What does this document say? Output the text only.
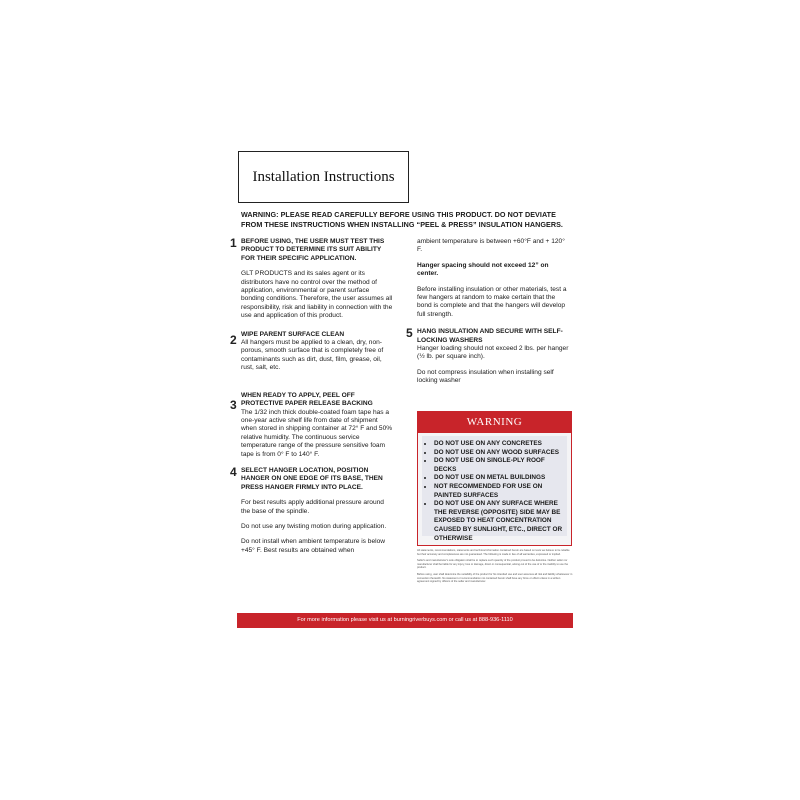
Installation Instructions
WARNING: PLEASE READ CAREFULLY BEFORE USING THIS PRODUCT. DO NOT DEVIATE FROM THESE INSTRUCTIONS WHEN INSTALLING “PEEL & PRESS” INSULATION HANGERS.
1 BEFORE USING, THE USER MUST TEST THIS PRODUCT TO DETERMINE ITS SUIT ABILITY FOR THEIR SPECIFIC APPLICATION.

GLT PRODUCTS and its sales agent or its distributors have no control over the method of application, environmental or parent surface bonding conditions. Therefore, the user assumes all responsibility, risk and liability in connection with the use and application of this product.

2 WIPE PARENT SURFACE CLEAN

All hangers must be applied to a clean, dry, non-porous, smooth surface that is completely free of contaminants such as dirt, dust, film, grease, oil, rust, salt, etc.

3

WHEN READY TO APPLY, PEEL OFF PROTECTIVE PAPER RELEASE BACKING

The 1/32 inch thick double-coated foam tape has a one-year active shelf life from date of shipment when stored in shipping container at 72° F and 50% relative humidity. The continuous service temperature range of the pressure sensitive foam tape is from 0° F to 140° F.

4 SELECT HANGER LOCATION, POSITION HANGER ON ONE EDGE OF ITS BASE, THEN PRESS HANGER FIRMLY INTO PLACE.

For best results apply additional pressure around the base of the spindle.

Do not use any twisting motion during application.

Do not install when ambient temperature is below +45° F. Best results are obtained when

ambient temperature is between +60°F and + 120° F.

Hanger spacing should not exceed 12” on center.

Before installing insulation or other materials, test a few hangers at random to make certain that the bond is complete and that the hangers will develop full strength.

5 HANG INSULATION AND SECURE WITH SELF-LOCKING WASHERS

Hanger loading should not exceed 2 lbs. per hanger (½ lb. per square inch).

Do not compress insulation when installing self locking washer

WARNING
• DO NOT USE ON ANY CONCRETES
• DO NOT USE ON ANY WOOD SURFACES
• DO NOT USE ON SINGLE-PLY ROOF DECKS
• DO NOT USE ON METAL BUILDINGS
• NOT RECOMMENDED FOR USE ON PAINTED SURFACES
• DO NOT USE ON ANY SURFACE WHERE THE REVERSE (OPPOSITE) SIDE MAY BE EXPOSED TO HEAT CONCENTRATION CAUSED BY SUNLIGHT, ETC., DIRECT OR OTHERWISE

All statements, recommendations, statements and technical information contained herein are based on tests we believe to be reliable but their accuracy and completeness are not guaranteed. The following is made in lieu of all warranties, expressed or implied.

Seller's and manufacturer's sole obligation shall be to replace such quantity of the product proved to be defective. Neither seller nor manufacturer shall be liable for any injury, loss or damage, direct or consequential, arising out of the use of or the inability to use the product.

Before using, user shall determine the suitability of the product for his intended use and user assumes all risk and liability whatsoever in connection therewith. No statement or recommendation not contained herein shall have any force or effect unless in a written agreement signed by officers of the seller and manufacturer.

For more information please visit us at burningriverbuys.com or call us at 888-936-1110
